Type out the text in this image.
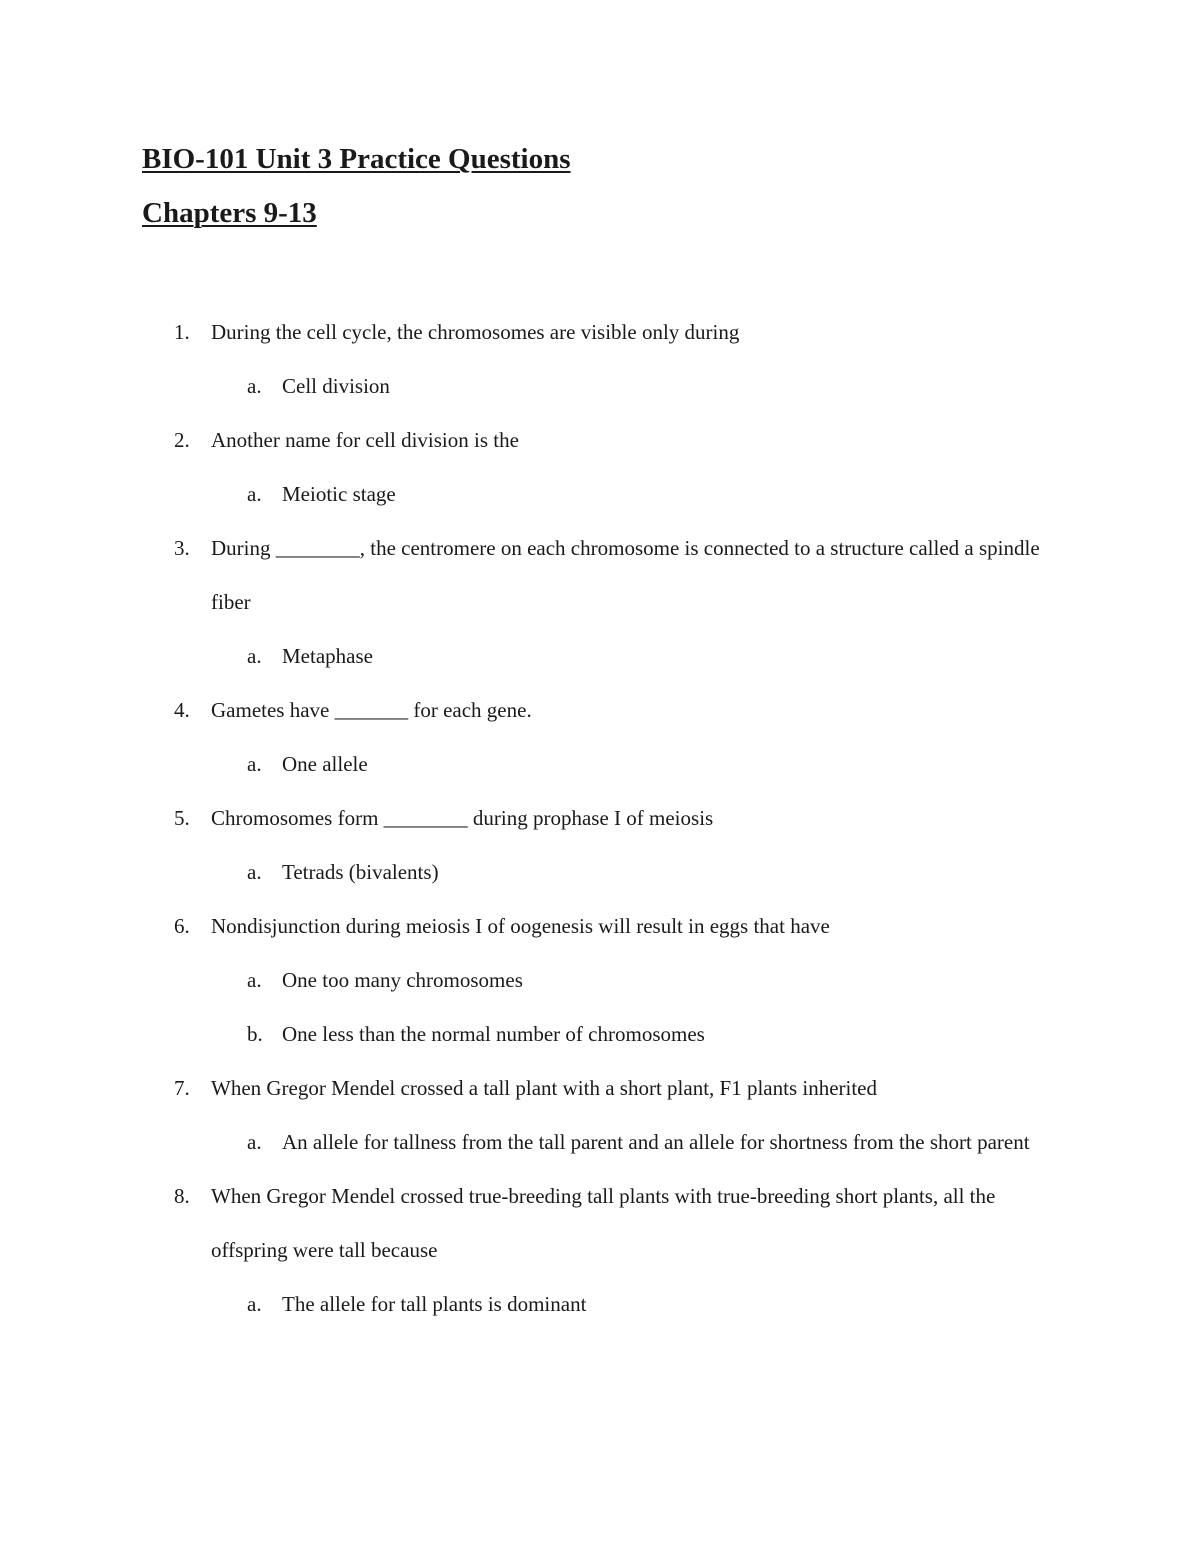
BIO-101 Unit 3 Practice Questions
Chapters 9-13
1. During the cell cycle, the chromosomes are visible only during
a. Cell division
2. Another name for cell division is the
a. Meiotic stage
3. During ________, the centromere on each chromosome is connected to a structure called a spindle fiber
a. Metaphase
4. Gametes have _______ for each gene.
a. One allele
5. Chromosomes form ________ during prophase I of meiosis
a. Tetrads (bivalents)
6. Nondisjunction during meiosis I of oogenesis will result in eggs that have
a. One too many chromosomes
b. One less than the normal number of chromosomes
7. When Gregor Mendel crossed a tall plant with a short plant, F1 plants inherited
a. An allele for tallness from the tall parent and an allele for shortness from the short parent
8. When Gregor Mendel crossed true-breeding tall plants with true-breeding short plants, all the offspring were tall because
a. The allele for tall plants is dominant
